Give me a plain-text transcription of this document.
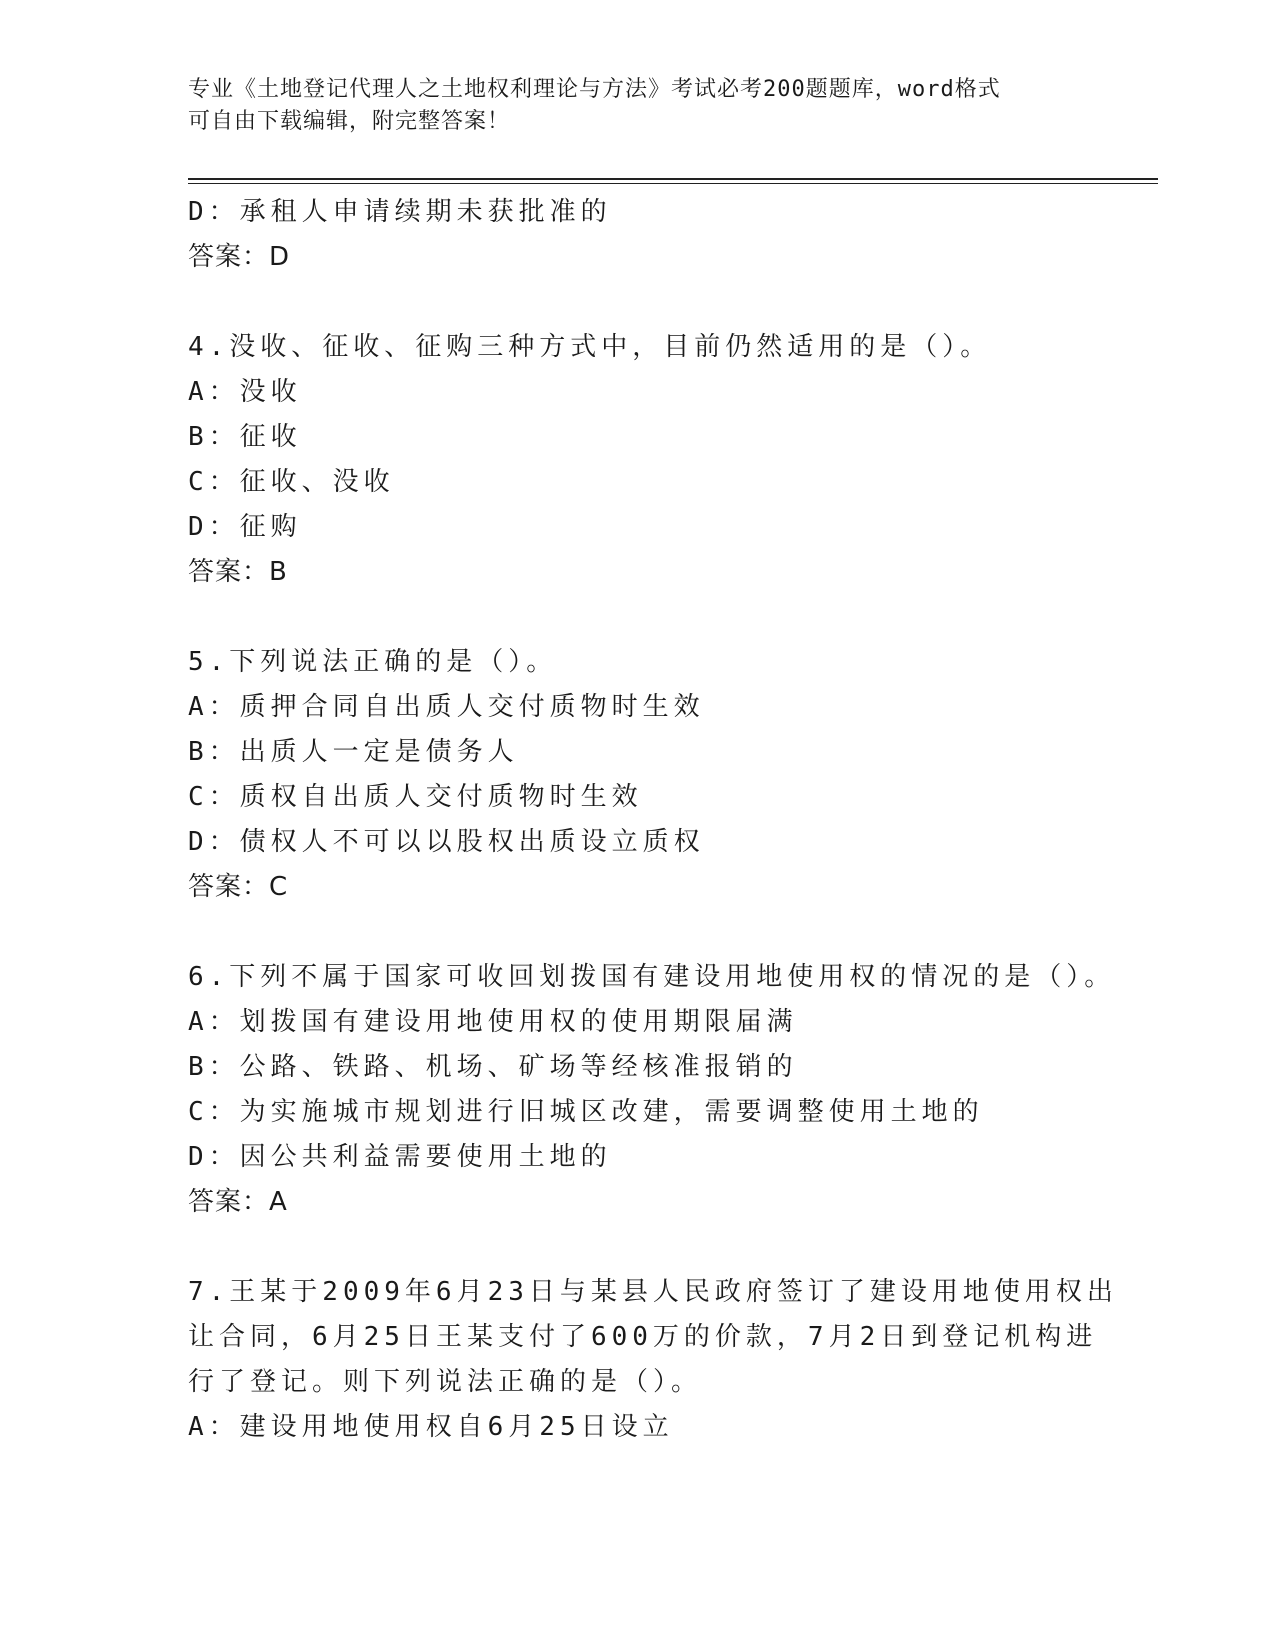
专业《土地登记代理人之土地权利理论与方法》考试必考200题题库，word格式
可自由下载编辑，附完整答案！
D：承租人申请续期未获批准的
答案：D
4.没收、征收、征购三种方式中，目前仍然适用的是（）。
A：没收
B：征收
C：征收、没收
D：征购
答案：B
5.下列说法正确的是（）。
A：质押合同自出质人交付质物时生效
B：出质人一定是债务人
C：质权自出质人交付质物时生效
D：债权人不可以以股权出质设立质权
答案：C
6.下列不属于国家可收回划拨国有建设用地使用权的情况的是（）。
A：划拨国有建设用地使用权的使用期限届满
B：公路、铁路、机场、矿场等经核准报销的
C：为实施城市规划进行旧城区改建，需要调整使用土地的
D：因公共利益需要使用土地的
答案：A
7.王某于2009年6月23日与某县人民政府签订了建设用地使用权出
让合同，6月25日王某支付了600万的价款，7月2日到登记机构进
行了登记。则下列说法正确的是（）。
A：建设用地使用权自6月25日设立
